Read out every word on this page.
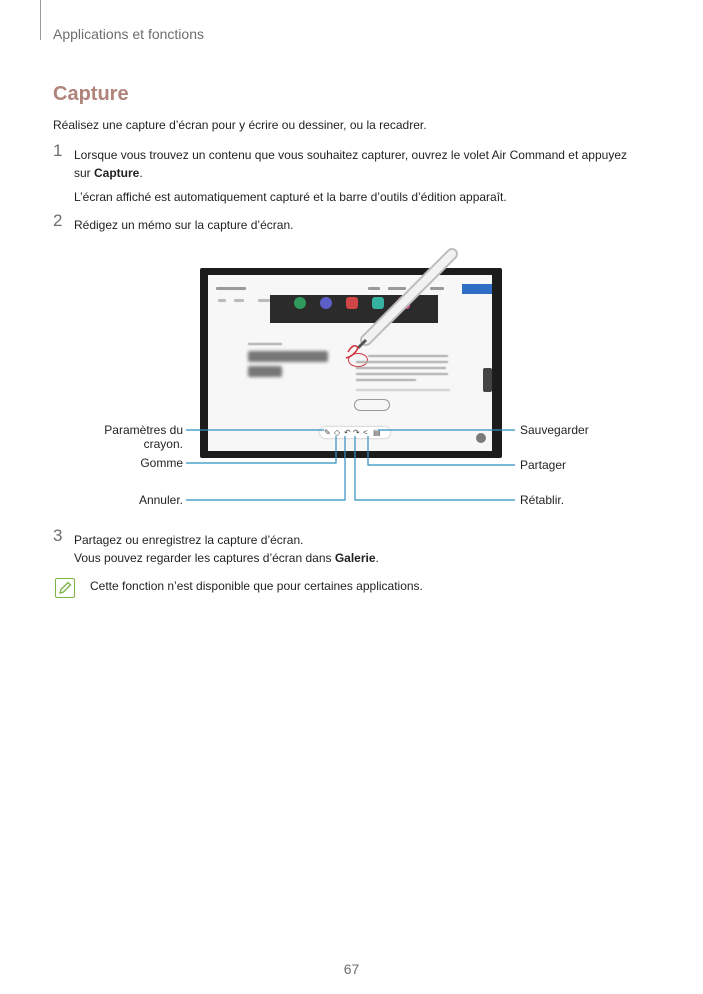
Applications et fonctions
Capture
Réalisez une capture d’écran pour y écrire ou dessiner, ou la recadrer.
1 Lorsque vous trouvez un contenu que vous souhaitez capturer, ouvrez le volet Air Command et appuyez
sur Capture.
L’écran affiché est automatiquement capturé et la barre d’outils d’édition apparaît.
2 Rédigez un mémo sur la capture d’écran.
✎ ◇ ↶ ↷ < ▤
Paramètres du
crayon.
Gomme
Annuler.
Sauvegarder
Partager
Rétablir.
3 Partagez ou enregistrez la capture d’écran.
Vous pouvez regarder les captures d’écran dans Galerie.
Cette fonction n’est disponible que pour certaines applications.
67
